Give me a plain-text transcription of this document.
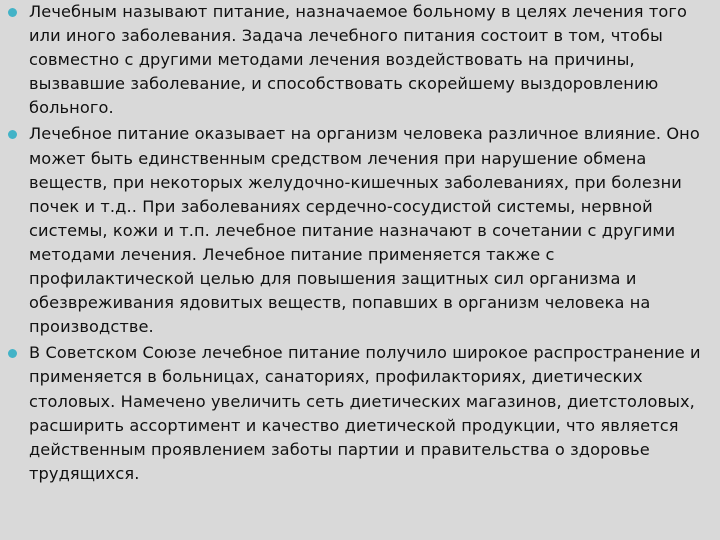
Лечебным называют питание, назначаемое больному в целях лечения того или иного заболевания. Задача лечебного питания состоит в том, чтобы совместно с другими методами лечения воздействовать на причины, вызвавшие заболевание, и способствовать скорейшему выздоровлению больного.
Лечебное питание оказывает на организм человека различное влияние. Оно может быть единственным средством лечения при нарушение обмена веществ, при некоторых желудочно-кишечных заболеваниях, при болезни почек и т.д.. При заболеваниях сердечно-сосудистой системы, нервной системы, кожи и т.п. лечебное питание назначают в сочетании с другими методами лечения. Лечебное питание применяется также с профилактической целью для повышения защитных сил организма и обезвреживания ядовитых веществ, попавших в организм человека на производстве.
В Советском Союзе лечебное питание получило широкое распространение и применяется в больницах, санаториях, профилакториях, диетических столовых. Намечено увеличить сеть диетических магазинов, диетстоловых, расширить ассортимент и качество диетической продукции, что является действенным проявлением заботы партии и правительства о здоровье трудящихся.
